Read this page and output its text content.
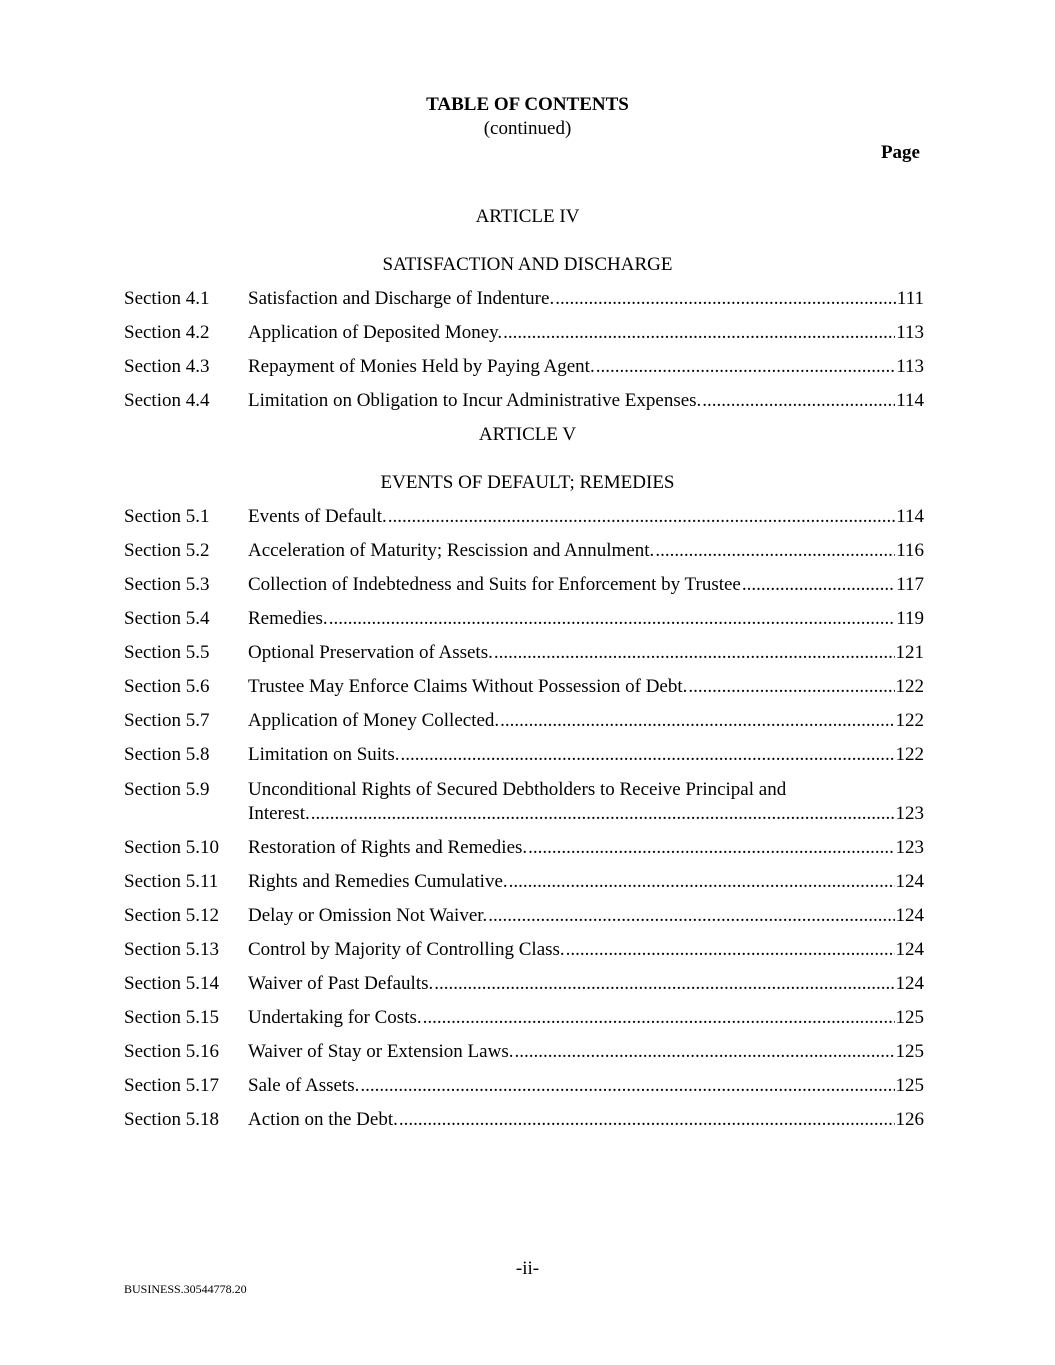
TABLE OF CONTENTS
(continued)
Page
ARTICLE IV
SATISFACTION AND DISCHARGE
Section 4.1 Satisfaction and Discharge of Indenture. .....	111
Section 4.2 Application of Deposited Money. .....	113
Section 4.3 Repayment of Monies Held by Paying Agent. .....	113
Section 4.4 Limitation on Obligation to Incur Administrative Expenses. .....	114
ARTICLE V
EVENTS OF DEFAULT; REMEDIES
Section 5.1 Events of Default. .....	114
Section 5.2 Acceleration of Maturity; Rescission and Annulment. .....	116
Section 5.3 Collection of Indebtedness and Suits for Enforcement by Trustee .....	117
Section 5.4 Remedies. .....	119
Section 5.5 Optional Preservation of Assets. .....	121
Section 5.6 Trustee May Enforce Claims Without Possession of Debt. .....	122
Section 5.7 Application of Money Collected. .....	122
Section 5.8 Limitation on Suits. .....	122
Section 5.9 Unconditional Rights of Secured Debtholders to Receive Principal and
Interest. .....	123
Section 5.10 Restoration of Rights and Remedies. .....	123
Section 5.11 Rights and Remedies Cumulative. .....	124
Section 5.12 Delay or Omission Not Waiver. .....	124
Section 5.13 Control by Majority of Controlling Class. .....	124
Section 5.14 Waiver of Past Defaults. .....	124
Section 5.15 Undertaking for Costs. .....	125
Section 5.16 Waiver of Stay or Extension Laws. .....	125
Section 5.17 Sale of Assets. .....	125
Section 5.18 Action on the Debt. .....	126
-ii-
BUSINESS.30544778.20
